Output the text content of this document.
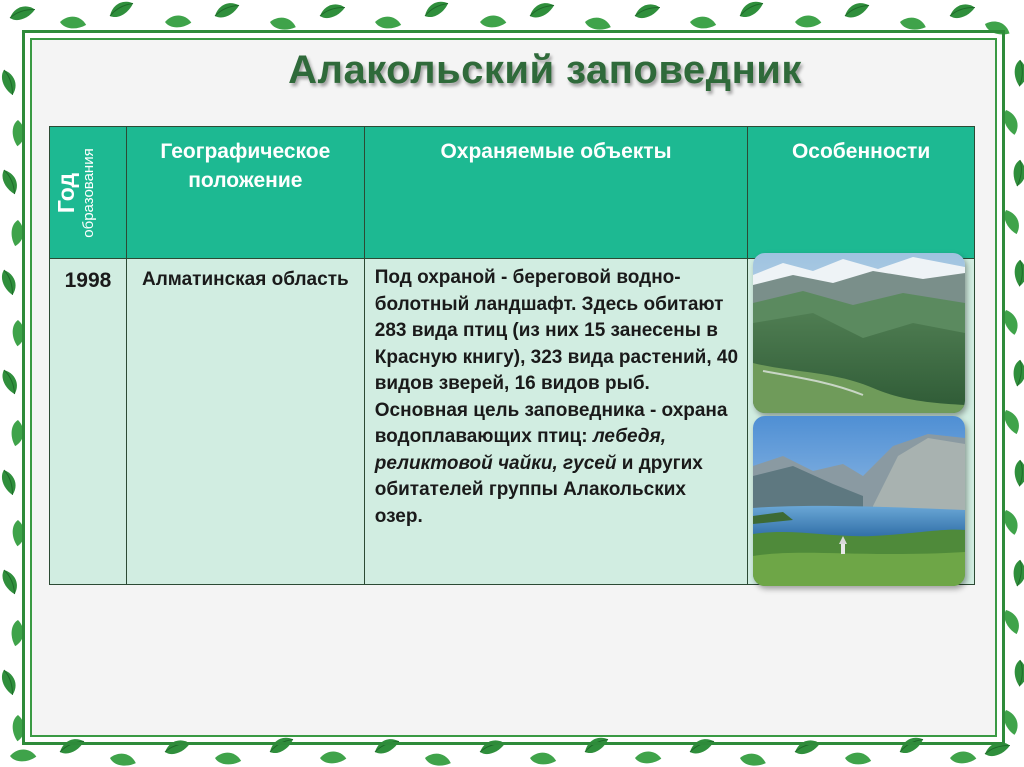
Алакольский заповедник
Год образования	Географическое положение	Охраняемые объекты	Особенности
1998	Алматинская область	Под охраной - береговой водно-болотный ландшафт. Здесь обитают 283 вида птиц (из них 15 занесены в Красную книгу), 323 вида растений, 40 видов зверей, 16 видов рыб. Основная цель заповедника - охрана водоплавающих птиц: лебедя, реликтовой чайки, гусей и других обитателей группы Алакольских озер.	
